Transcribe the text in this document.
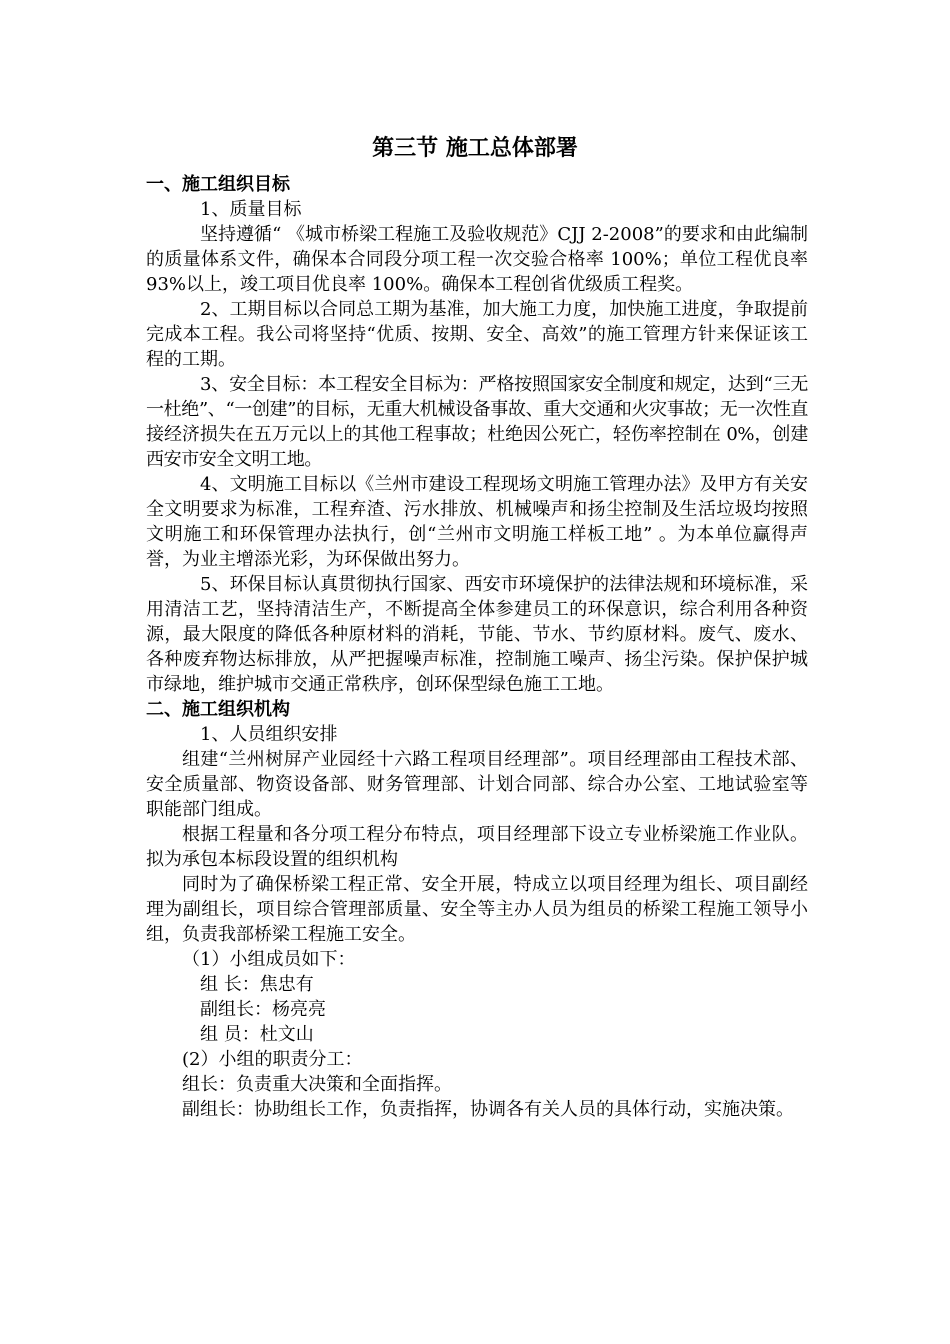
第三节 施工总体部署

一、施工组织目标

1、质量目标

坚持遵循“ 《城市桥梁工程施工及验收规范》CJJ 2-2008”的要求和由此编制的质量体系文件，确保本合同段分项工程一次交验合格率 100%；单位工程优良率 93%以上，竣工项目优良率 100%。确保本工程创省优级质工程奖。

2、工期目标以合同总工期为基准，加大施工力度，加快施工进度，争取提前完成本工程。我公司将坚持“优质、按期、安全、高效”的施工管理方针来保证该工程的工期。

3、安全目标：本工程安全目标为：严格按照国家安全制度和规定，达到“三无一杜绝”、“一创建”的目标，无重大机械设备事故、重大交通和火灾事故；无一次性直接经济损失在五万元以上的其他工程事故；杜绝因公死亡，轻伤率控制在 0%，创建西安市安全文明工地。

4、文明施工目标以《兰州市建设工程现场文明施工管理办法》及甲方有关安全文明要求为标准，工程弃渣、污水排放、机械噪声和扬尘控制及生活垃圾均按照文明施工和环保管理办法执行，创“兰州市文明施工样板工地” 。为本单位赢得声誉，为业主增添光彩，为环保做出努力。

5、环保目标认真贯彻执行国家、西安市环境保护的法律法规和环境标准，采用清洁工艺，坚持清洁生产，不断提高全体参建员工的环保意识，综合利用各种资源，最大限度的降低各种原材料的消耗，节能、节水、节约原材料。废气、废水、各种废弃物达标排放，从严把握噪声标准，控制施工噪声、扬尘污染。保护保护城市绿地，维护城市交通正常秩序，创环保型绿色施工工地。

二、施工组织机构

1、人员组织安排

组建“兰州树屏产业园经十六路工程项目经理部”。项目经理部由工程技术部、安全质量部、物资设备部、财务管理部、计划合同部、综合办公室、工地试验室等职能部门组成。

根据工程量和各分项工程分布特点，项目经理部下设立专业桥梁施工作业队。拟为承包本标段设置的组织机构

同时为了确保桥梁工程正常、安全开展，特成立以项目经理为组长、项目副经理为副组长，项目综合管理部质量、安全等主办人员为组员的桥梁工程施工领导小组，负责我部桥梁工程施工安全。

（1）小组成员如下：

组 长：焦忠有

副组长：杨亮亮

组 员：杜文山

(2）小组的职责分工：

组长：负责重大决策和全面指挥。

副组长：协助组长工作，负责指挥，协调各有关人员的具体行动，实施决策。
